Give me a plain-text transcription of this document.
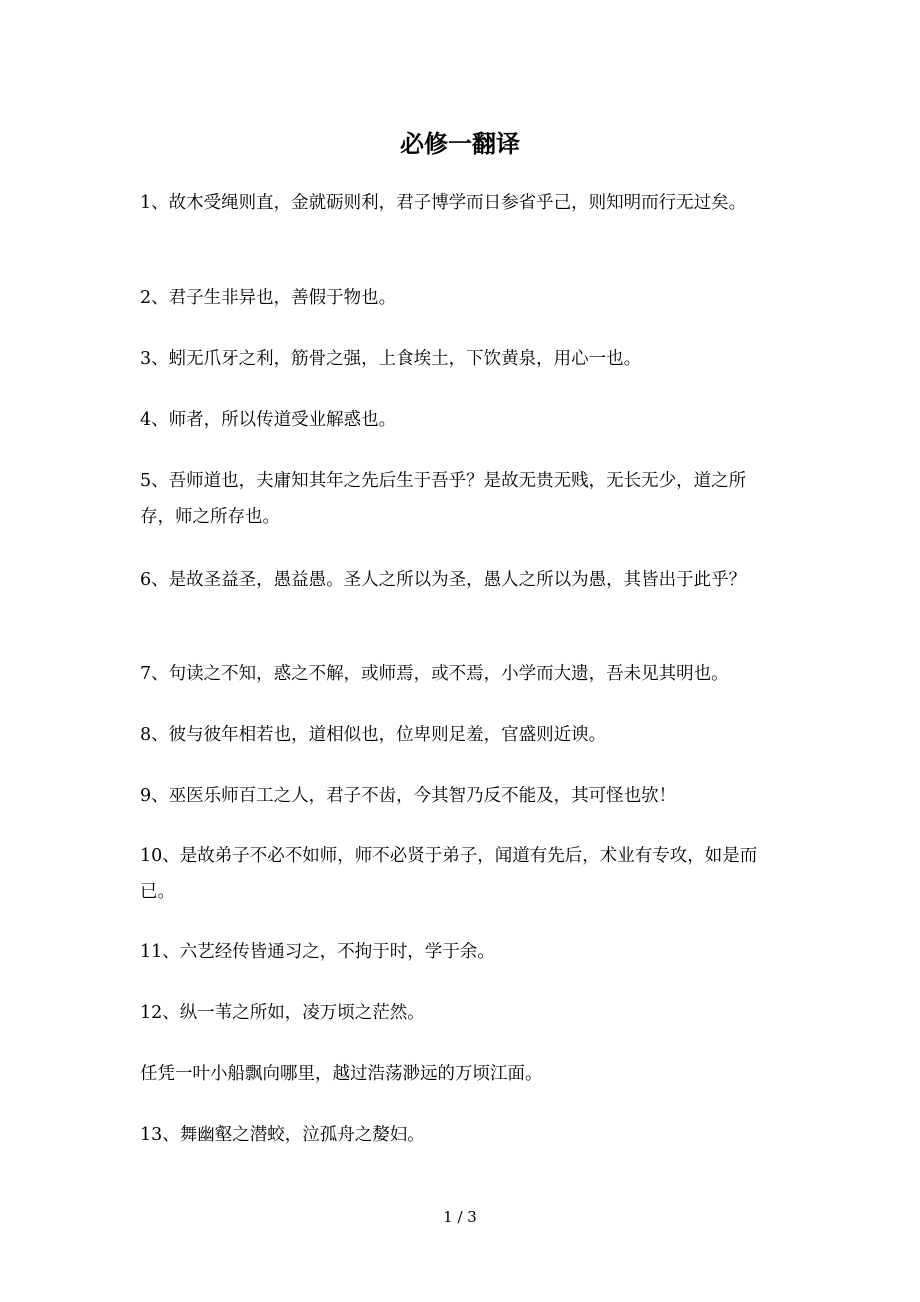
必修一翻译

1、故木受绳则直，金就砺则利，君子博学而日参省乎己，则知明而行无过矣。

2、君子生非异也，善假于物也。

3、蚓无爪牙之利，筋骨之强，上食埃土，下饮黄泉，用心一也。

4、师者，所以传道受业解惑也。

5、吾师道也，夫庸知其年之先后生于吾乎？是故无贵无贱，无长无少，道之所存，师之所存也。

6、是故圣益圣，愚益愚。圣人之所以为圣，愚人之所以为愚，其皆出于此乎？

7、句读之不知，惑之不解，或师焉，或不焉，小学而大遗，吾未见其明也。

8、彼与彼年相若也，道相似也，位卑则足羞，官盛则近谀。

9、巫医乐师百工之人，君子不齿，今其智乃反不能及，其可怪也欤！

10、是故弟子不必不如师，师不必贤于弟子，闻道有先后，术业有专攻，如是而已。

11、六艺经传皆通习之，不拘于时，学于余。

12、纵一苇之所如，凌万顷之茫然。

任凭一叶小船飘向哪里，越过浩荡渺远的万顷江面。

13、舞幽壑之潜蛟，泣孤舟之嫠妇。

1 / 3
